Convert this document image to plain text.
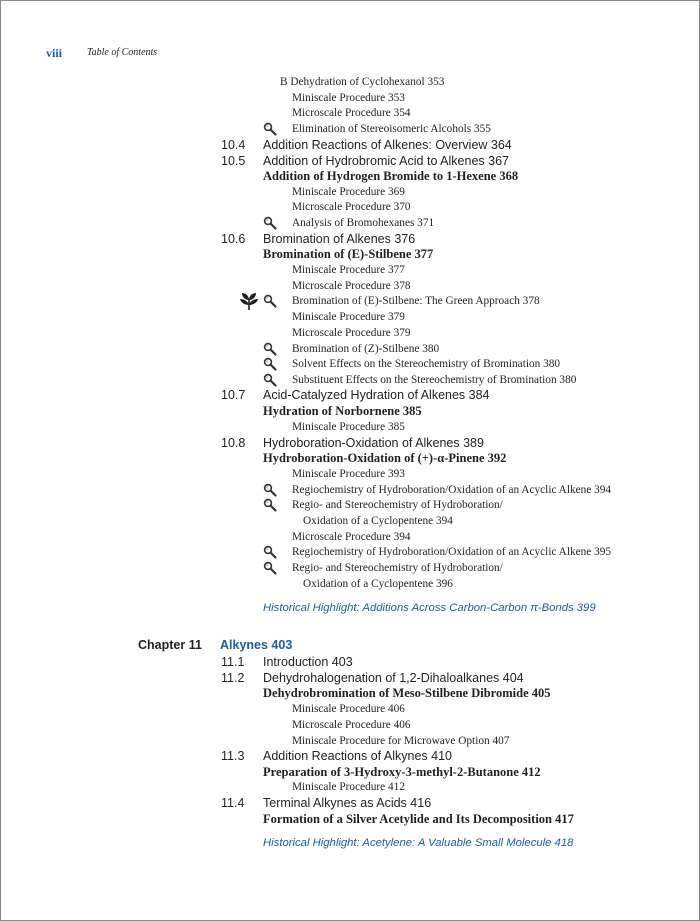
viii Table of Contents
B Dehydration of Cyclohexanol 353
Miniscale Procedure 353
Microscale Procedure 354
Elimination of Stereoisomeric Alcohols 355
10.4 Addition Reactions of Alkenes: Overview 364
10.5 Addition of Hydrobromic Acid to Alkenes 367
Addition of Hydrogen Bromide to 1-Hexene 368
Miniscale Procedure 369
Microscale Procedure 370
Analysis of Bromohexanes 371
10.6 Bromination of Alkenes 376
Bromination of (E)-Stilbene 377
Miniscale Procedure 377
Microscale Procedure 378
Bromination of (E)-Stilbene: The Green Approach 378
Miniscale Procedure 379
Microscale Procedure 379
Bromination of (Z)-Stilbene 380
Solvent Effects on the Stereochemistry of Bromination 380
Substituent Effects on the Stereochemistry of Bromination 380
10.7 Acid-Catalyzed Hydration of Alkenes 384
Hydration of Norbornene 385
Miniscale Procedure 385
10.8 Hydroboration-Oxidation of Alkenes 389
Hydroboration-Oxidation of (+)-α-Pinene 392
Miniscale Procedure 393
Regiochemistry of Hydroboration/Oxidation of an Acyclic Alkene 394
Regio- and Stereochemistry of Hydroboration/
Oxidation of a Cyclopentene 394
Microscale Procedure 394
Regiochemistry of Hydroboration/Oxidation of an Acyclic Alkene 395
Regio- and Stereochemistry of Hydroboration/
Oxidation of a Cyclopentene 396
Historical Highlight: Additions Across Carbon-Carbon π-Bonds 399
Chapter 11 Alkynes 403
11.1 Introduction 403
11.2 Dehydrohalogenation of 1,2-Dihaloalkanes 404
Dehydrobromination of Meso-Stilbene Dibromide 405
Miniscale Procedure 406
Microscale Procedure 406
Miniscale Procedure for Microwave Option 407
11.3 Addition Reactions of Alkynes 410
Preparation of 3-Hydroxy-3-methyl-2-Butanone 412
Miniscale Procedure 412
11.4 Terminal Alkynes as Acids 416
Formation of a Silver Acetylide and Its Decomposition 417
Historical Highlight: Acetylene: A Valuable Small Molecule 418
